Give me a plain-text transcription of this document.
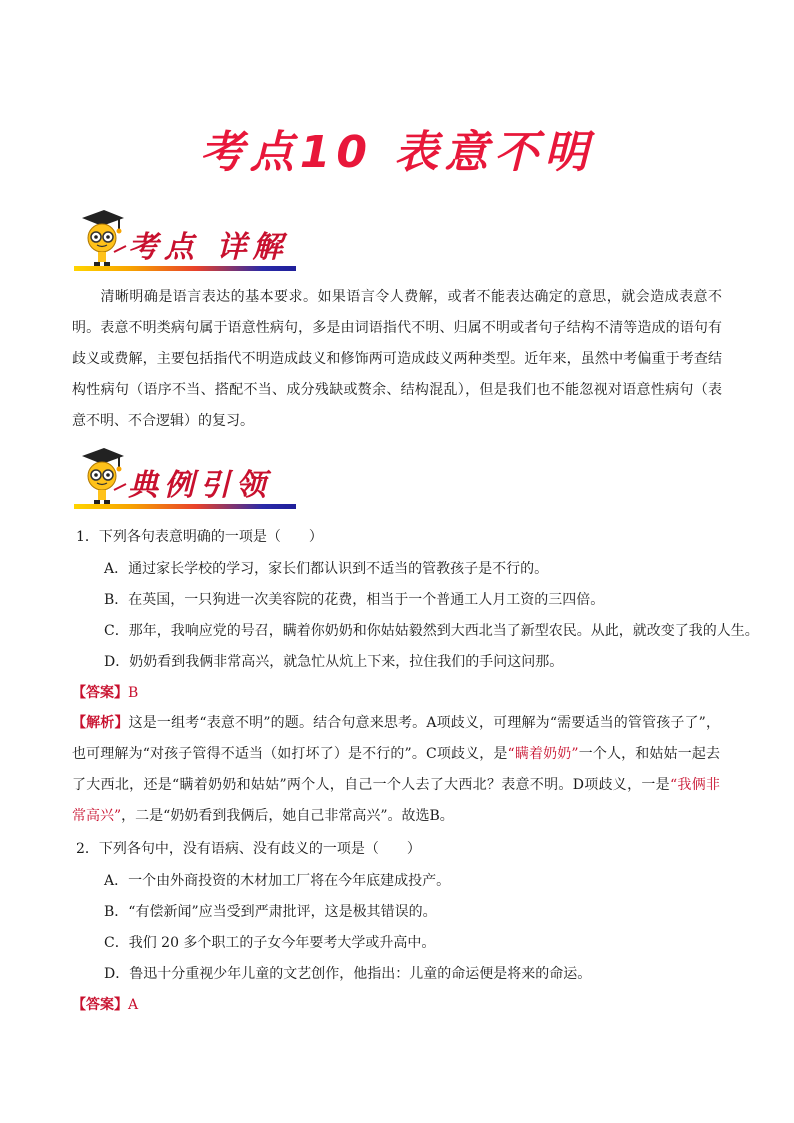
考点10 表意不明
考点 详解
清晰明确是语言表达的基本要求。如果语言令人费解，或者不能表达确定的意思，就会造成表意不明。表意不明类病句属于语意性病句，多是由词语指代不明、归属不明或者句子结构不清等造成的语句有歧义或费解，主要包括指代不明造成歧义和修饰两可造成歧义两种类型。近年来，虽然中考偏重于考查结构性病句（语序不当、搭配不当、成分残缺或赘余、结构混乱），但是我们也不能忽视对语意性病句（表意不明、不合逻辑）的复习。
典例引领
1．下列各句表意明确的一项是（　　）
A．通过家长学校的学习，家长们都认识到不适当的管教孩子是不行的。
B．在英国，一只狗进一次美容院的花费，相当于一个普通工人月工资的三四倍。
C．那年，我响应党的号召，瞒着你奶奶和你姑姑毅然到大西北当了新型农民。从此，就改变了我的人生。
D．奶奶看到我俩非常高兴，就急忙从炕上下来，拉住我们的手问这问那。
【答案】B
【解析】这是一组考“表意不明”的题。结合句意来思考。A项歧义，可理解为“需要适当的管管孩子了”，也可理解为“对孩子管得不适当（如打坏了）是不行的”。C项歧义，是“瞒着奶奶”一个人，和姑姑一起去了大西北，还是“瞒着奶奶和姑姑”两个人，自己一个人去了大西北？表意不明。D项歧义，一是“我俩非常高兴”，二是“奶奶看到我俩后，她自己非常高兴”。故选B。
2．下列各句中，没有语病、没有歧义的一项是（　　）
A．一个由外商投资的木材加工厂将在今年底建成投产。
B．“有偿新闻”应当受到严肃批评，这是极其错误的。
C．我们 20 多个职工的子女今年要考大学或升高中。
D．鲁迅十分重视少年儿童的文艺创作，他指出：儿童的命运便是将来的命运。
【答案】A
